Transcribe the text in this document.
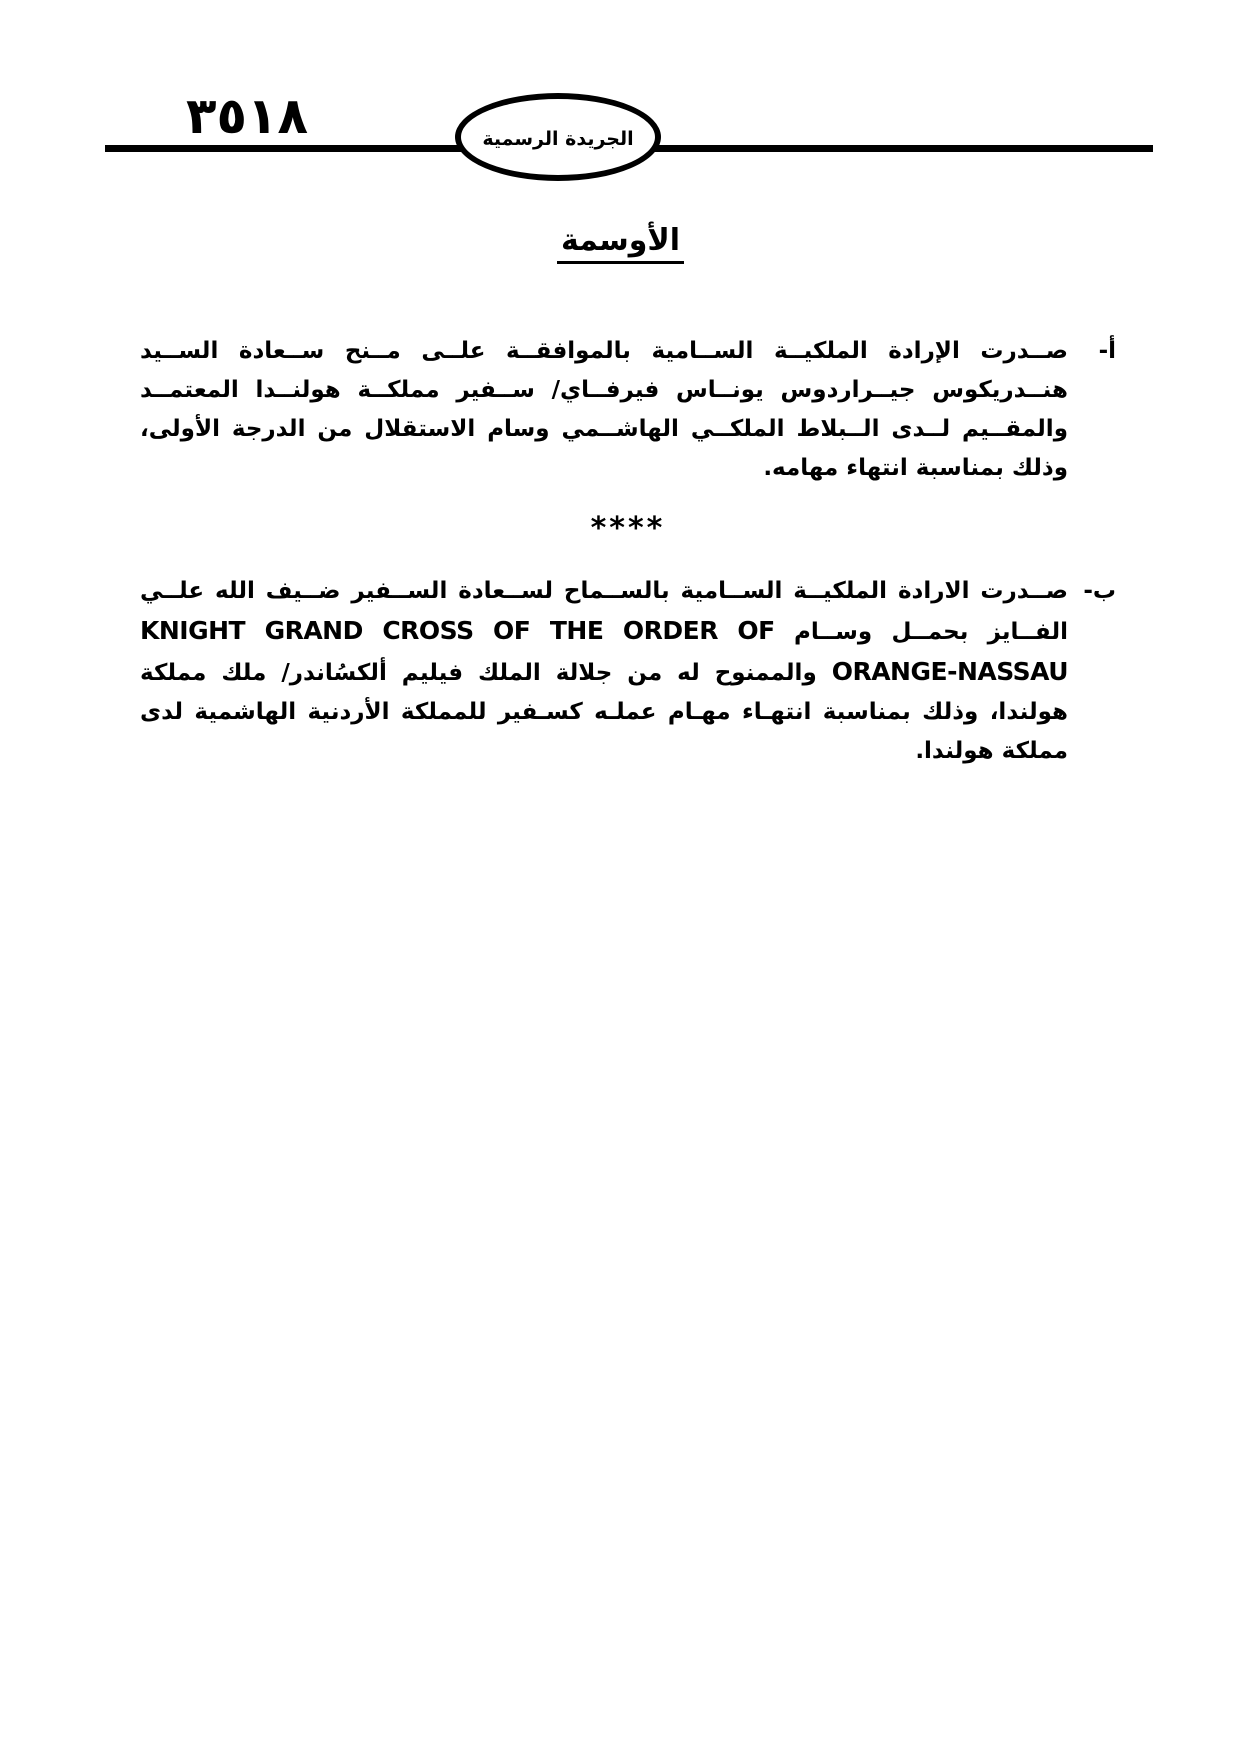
٣٥١٨	الجريدة الرسمية
الأوسمة

أ-صــدرت الإرادة الملكيــة الســامية بالموافقــة علــى مــنح ســعادة الســيد هنــدريكوس جيــراردوس يونــاس فيرفــاي/ ســفير مملكــة هولنــدا المعتمــد والمقــيم لــدى الــبلاط الملكــي الهاشــمي وسام الاستقلال من الدرجة الأولى، وذلك بمناسبة انتهاء مهامه.

****

ب-صــدرت الارادة الملكيــة الســامية بالســماح لســعادة الســفير ضــيف الله علــي الفــايز بحمــل وســام KNIGHT GRAND CROSS OF THE ORDER OF ORANGE-NASSAU والممنوح له من جلالة الملك فيليم ألكسُاندر/ ملك مملكة هولندا، وذلك بمناسبة انتهـاء مهـام عملـه كسـفير للمملكة الأردنية الهاشمية لدى مملكة هولندا.
